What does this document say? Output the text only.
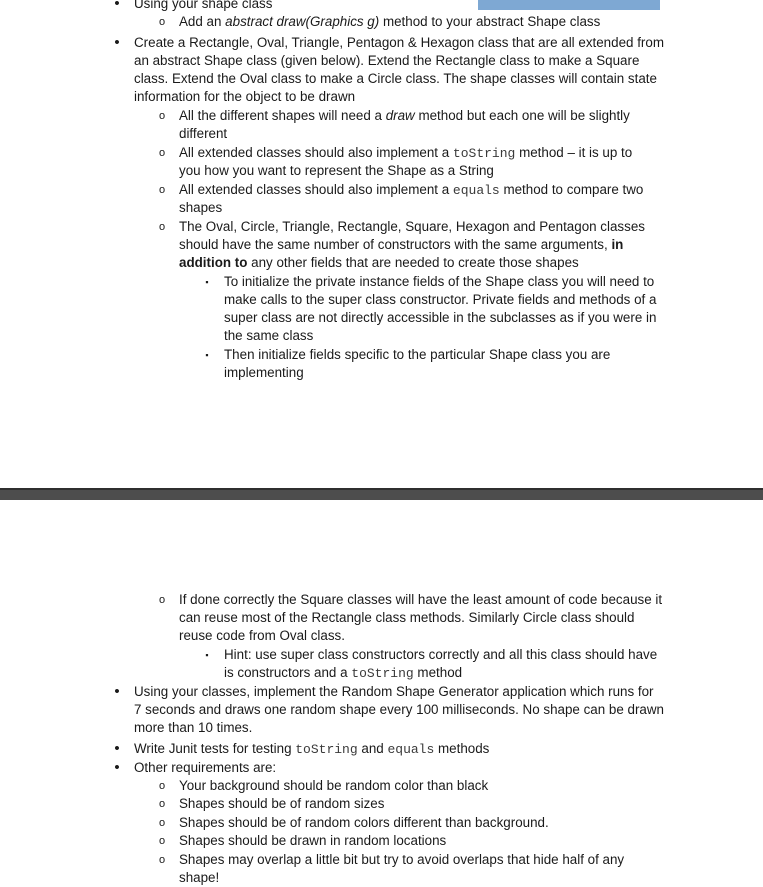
•	Using your shape class
o Add an abstract draw(Graphics g) method to your abstract Shape class
•	Create a Rectangle, Oval, Triangle, Pentagon & Hexagon class that are all extended from
an abstract Shape class (given below). Extend the Rectangle class to make a Square
class. Extend the Oval class to make a Circle class. The shape classes will contain state
information for the object to be drawn
o All the different shapes will need a draw method but each one will be slightly
different
o All extended classes should also implement a toString method – it is up to
you how you want to represent the Shape as a String
o All extended classes should also implement a equals method to compare two
shapes
o The Oval, Circle, Triangle, Rectangle, Square, Hexagon and Pentagon classes
should have the same number of constructors with the same arguments, in
addition to any other fields that are needed to create those shapes
▪	To initialize the private instance fields of the Shape class you will need to
make calls to the super class constructor. Private fields and methods of a
super class are not directly accessible in the subclasses as if you were in
the same class
▪	Then initialize fields specific to the particular Shape class you are
implementing
o If done correctly the Square classes will have the least amount of code because it
can reuse most of the Rectangle class methods. Similarly Circle class should
reuse code from Oval class.
▪	Hint: use super class constructors correctly and all this class should have
is constructors and a toString method
•	Using your classes, implement the Random Shape Generator application which runs for
7 seconds and draws one random shape every 100 milliseconds. No shape can be drawn
more than 10 times.
•	Write Junit tests for testing toString and equals methods
•	Other requirements are:
o Your background should be random color than black
o Shapes should be of random sizes
o Shapes should be of random colors different than background.
o Shapes should be drawn in random locations
o Shapes may overlap a little bit but try to avoid overlaps that hide half of any
shape!
